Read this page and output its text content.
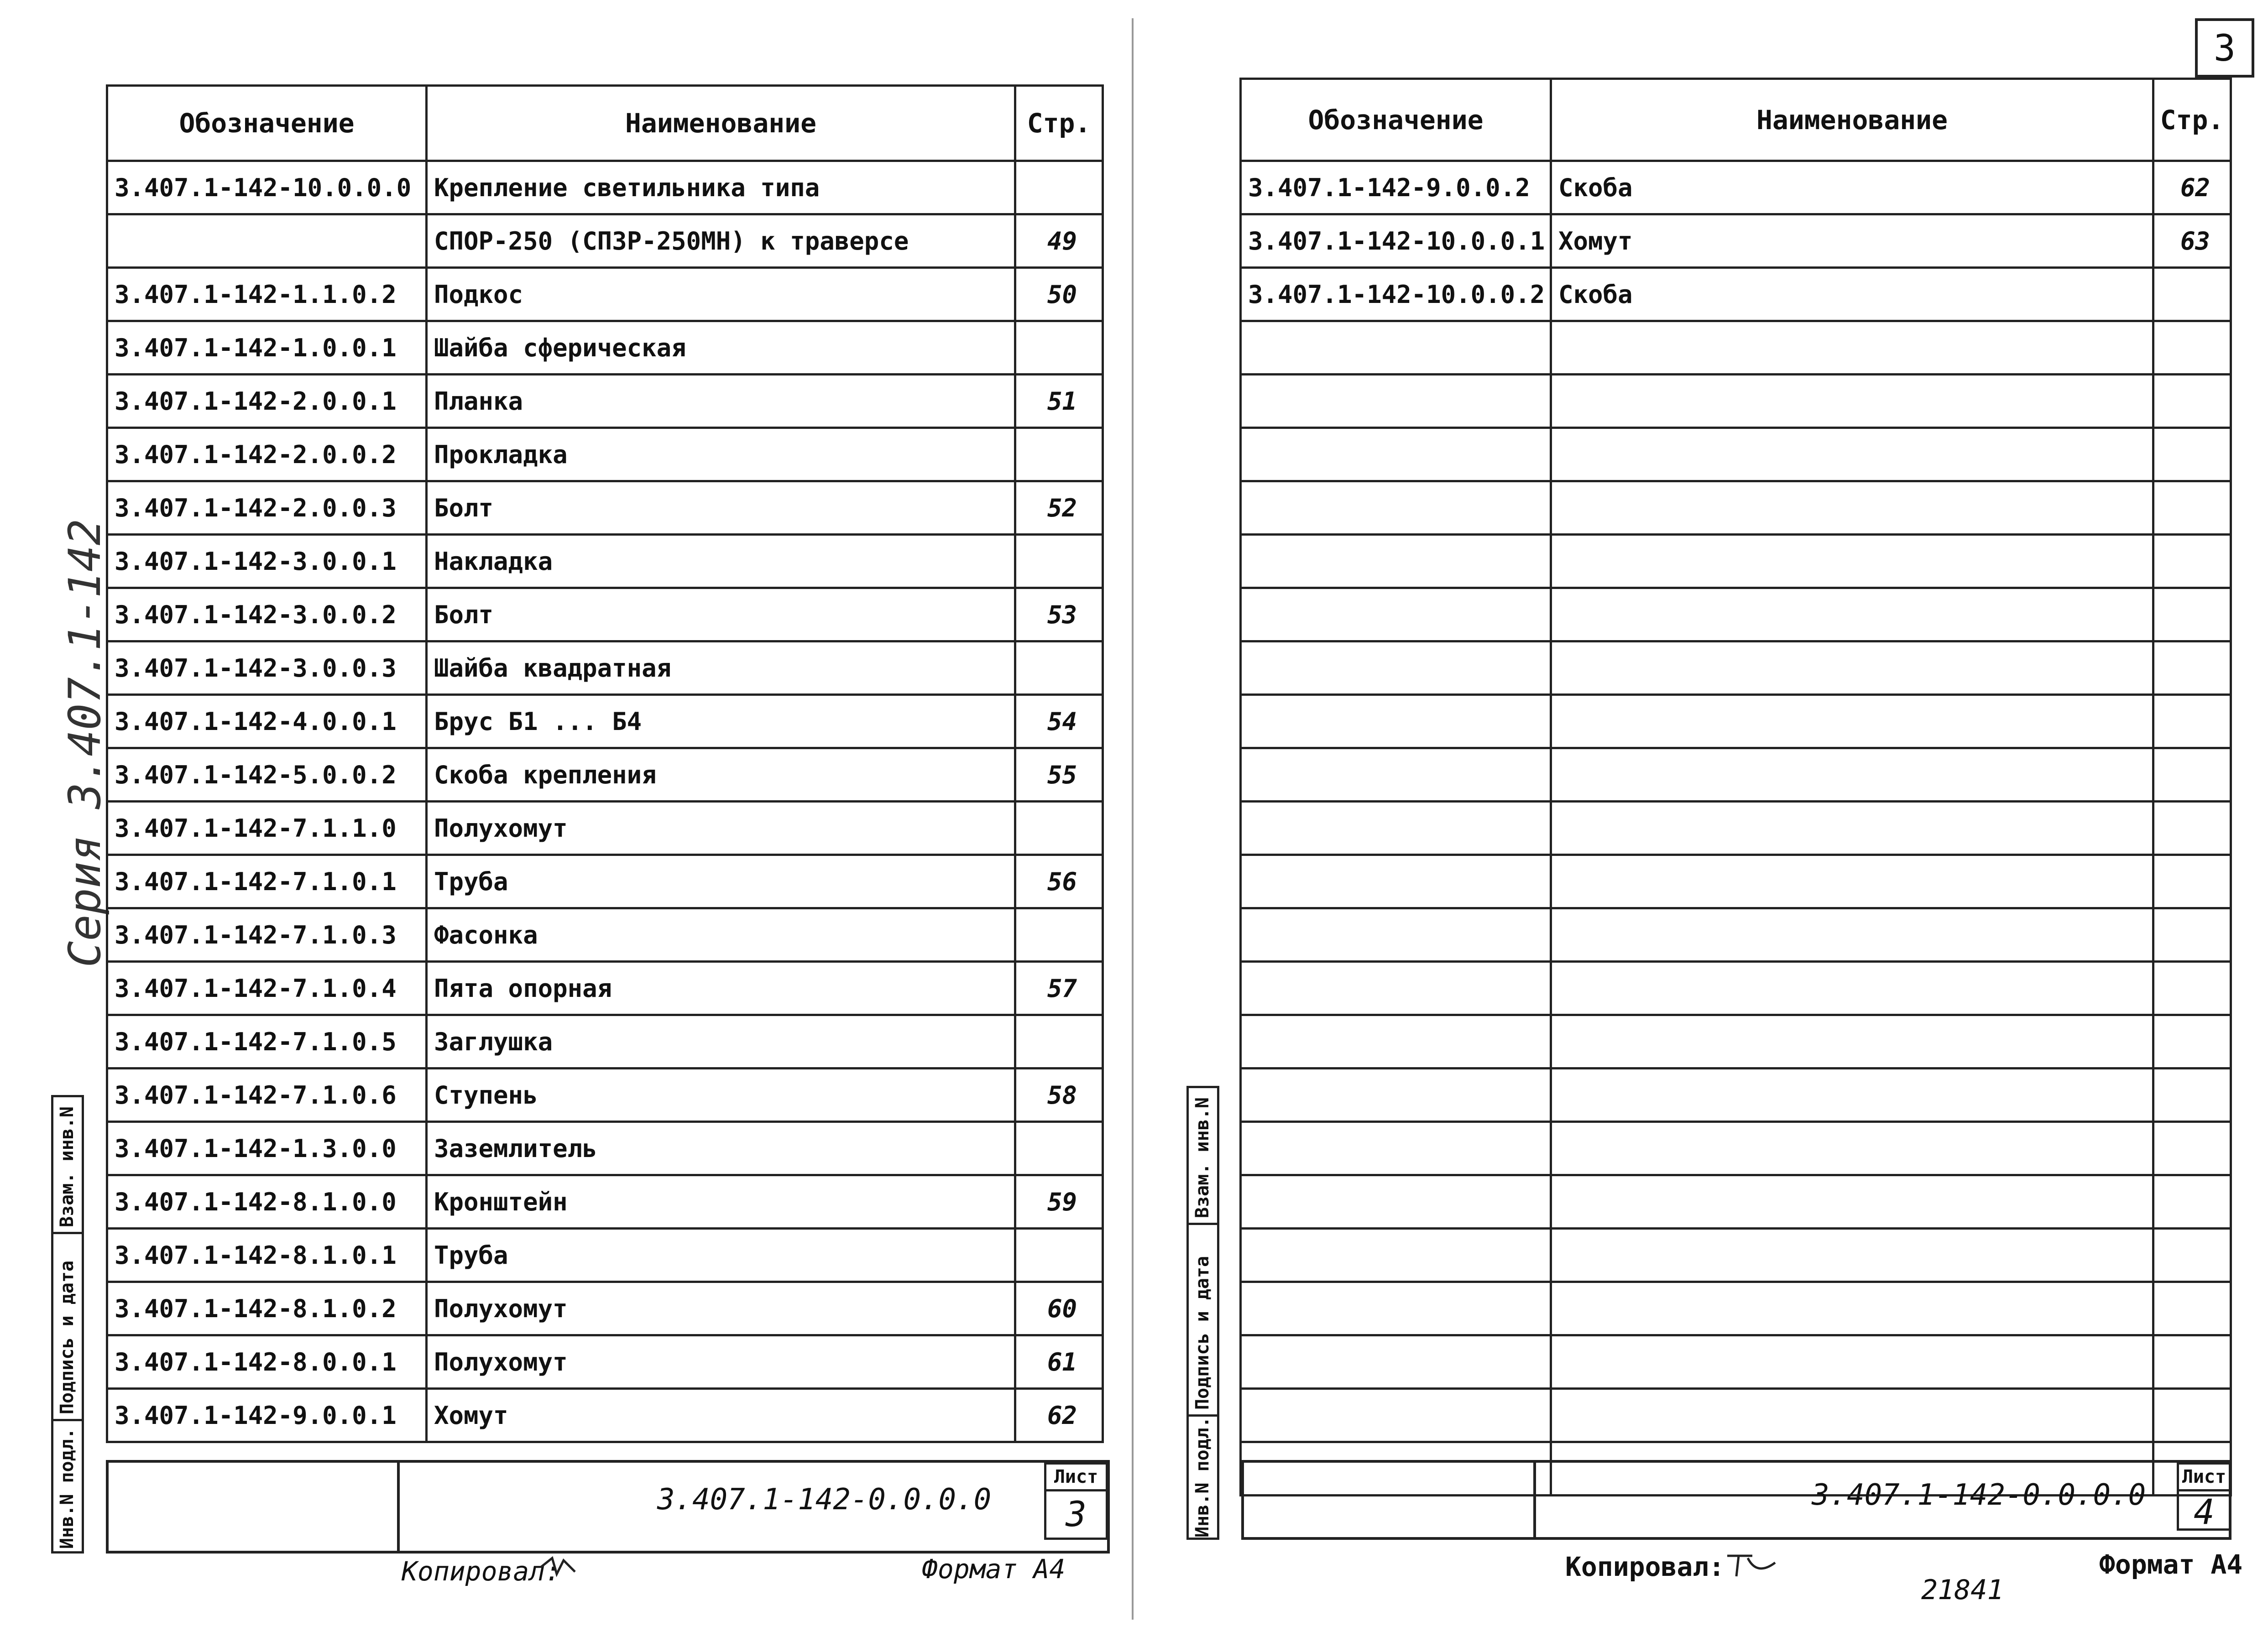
Серия 3.407.1-142
Обозначение	Наименование	Стр.
3.407.1-142-10.0.0.0	Крепление светильника типа	
	СПОР-250 (СПЗР-250МН) к траверсе	49
3.407.1-142-1.1.0.2	Подкос	50
3.407.1-142-1.0.0.1	Шайба сферическая	
3.407.1-142-2.0.0.1	Планка	51
3.407.1-142-2.0.0.2	Прокладка	
3.407.1-142-2.0.0.3	Болт	52
3.407.1-142-3.0.0.1	Накладка	
3.407.1-142-3.0.0.2	Болт	53
3.407.1-142-3.0.0.3	Шайба квадратная	
3.407.1-142-4.0.0.1	Брус Б1 ... Б4	54
3.407.1-142-5.0.0.2	Скоба крепления	55
3.407.1-142-7.1.1.0	Полухомут	
3.407.1-142-7.1.0.1	Труба	56
3.407.1-142-7.1.0.3	Фасонка	
3.407.1-142-7.1.0.4	Пята опорная	57
3.407.1-142-7.1.0.5	Заглушка	
3.407.1-142-7.1.0.6	Ступень	58
3.407.1-142-1.3.0.0	Заземлитель	
3.407.1-142-8.1.0.0	Кронштейн	59
3.407.1-142-8.1.0.1	Труба	
3.407.1-142-8.1.0.2	Полухомут	60
3.407.1-142-8.0.0.1	Полухомут	61
3.407.1-142-9.0.0.1	Хомут	62
3.407.1-142-0.0.0.0
Лист
3
Инв.N подл.
Подпись и дата
Взам. инв.N
Копировал:	Формат А4
3
Обозначение	Наименование	Стр.
3.407.1-142-9.0.0.2	Скоба	62
3.407.1-142-10.0.0.1	Хомут	63
3.407.1-142-10.0.0.2	Скоба	

3.407.1-142-0.0.0.0
Лист
4
Инв.N подл.
Подпись и дата
Взам. инв.N
Копировал:
21841
Формат А4
